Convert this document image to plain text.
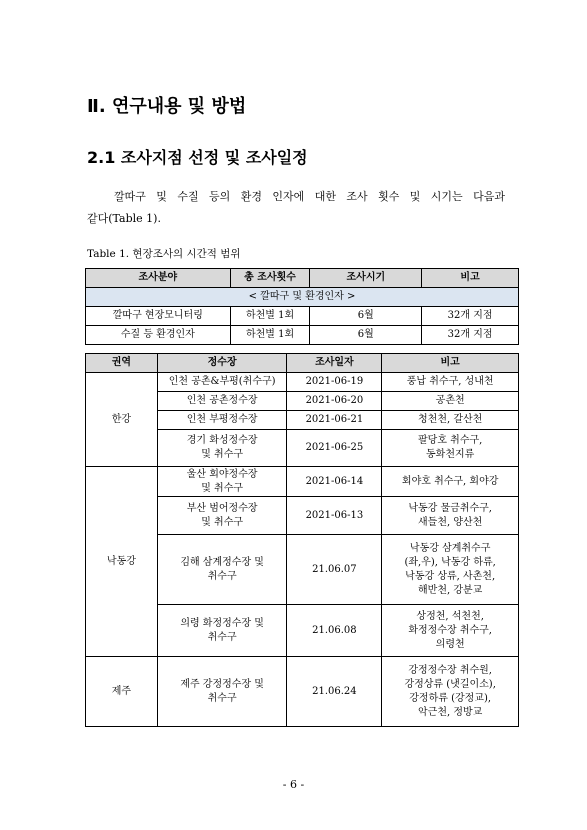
Ⅱ. 연구내용 및 방법
2.1 조사지점 선정 및 조사일정
깔따구 및 수질 등의 환경 인자에 대한 조사 횟수 및 시기는 다음과
같다(Table 1).
Table 1. 현장조사의 시간적 범위
조사분야	총 조사횟수	조사시기	비고
< 깔따구 및 환경인자 >			
깔따구 현장모니터링	하천별 1회	6월	32개 지점
수질 등 환경인자	하천별 1회	6월	32개 지점
권역	정수장	조사일자	비고
한강	인천 공촌&부평(취수구)	2021-06-19	풍납 취수구, 성내천
	인천 공촌정수장	2021-06-20	공촌천
	인천 부평정수장	2021-06-21	청천천, 갈산천

	경기 화성정수장
및 취수구	2021-06-25	팔당호 취수구,
동화천지류

낙동강	울산 회야정수장
및 취수구	2021-06-14	회야호 취수구, 회야강

	부산 범어정수장
및 취수구	2021-06-13	낙동강 물금취수구,
새들천, 양산천

	김해 삼계정수장 및
취수구	21.06.07	낙동강 삼계취수구
(좌,우), 낙동강 하류,
낙동강 상류, 사촌천,
해반천, 강분교

	의령 화정정수장 및
취수구	21.06.08	상정천, 석천천,
화정정수장 취수구,
의령천

제주	제주 강정정수장 및
취수구	21.06.24	강정정수장 취수원,
강정상류 (냇길이소),
강정하류 (강정교),
악근천, 정방교
- 6 -
